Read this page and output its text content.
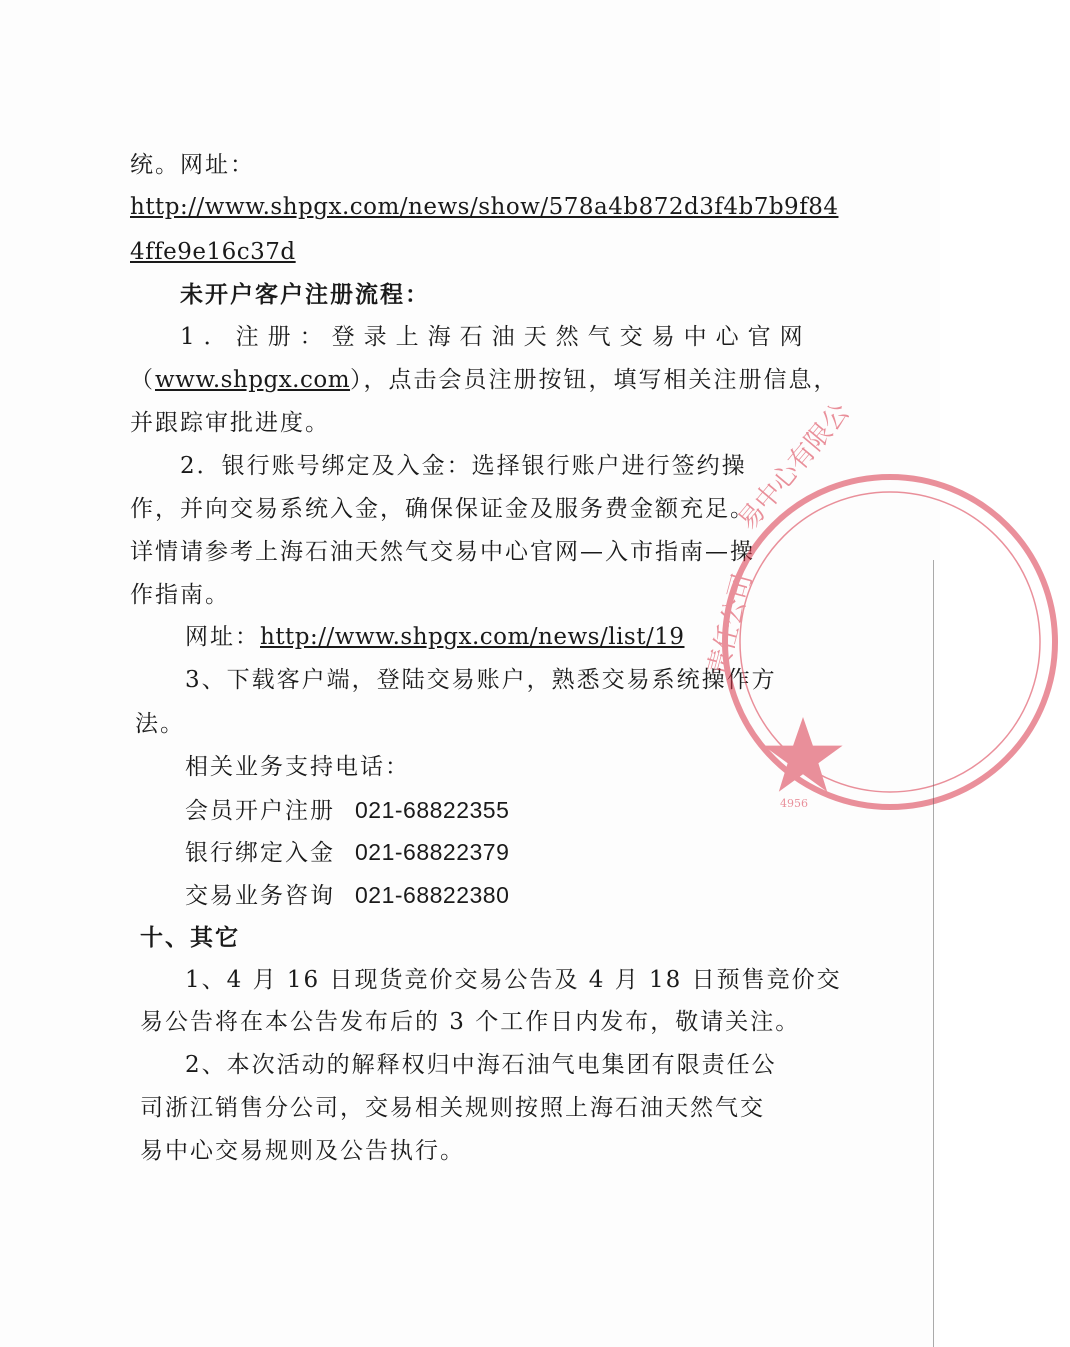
统。网址：
http://www.shpgx.com/news/show/578a4b872d3f4b7b9f84
4ffe9e16c37d
未开户客户注册流程：
1．注册：登录上海石油天然气交易中心官网
（www.shpgx.com），点击会员注册按钮，填写相关注册信息，
并跟踪审批进度。
2．银行账号绑定及入金：选择银行账户进行签约操
作，并向交易系统入金，确保保证金及服务费金额充足。
详情请参考上海石油天然气交易中心官网—入市指南—操
作指南。
网址：http://www.shpgx.com/news/list/19
3、下载客户端，登陆交易账户，熟悉交易系统操作方
法。
相关业务支持电话：
会员开户注册 021-68822355
银行绑定入金 021-68822379
交易业务咨询 021-68822380
十、其它
1、4 月 16 日现货竞价交易公告及 4 月 18 日预售竞价交
易公告将在本公告发布后的 3 个工作日内发布，敬请关注。
2、本次活动的解释权归中海石油气电集团有限责任公
司浙江销售分公司，交易相关规则按照上海石油天然气交
易中心交易规则及公告执行。
易中心有限公
责任公司
4956
